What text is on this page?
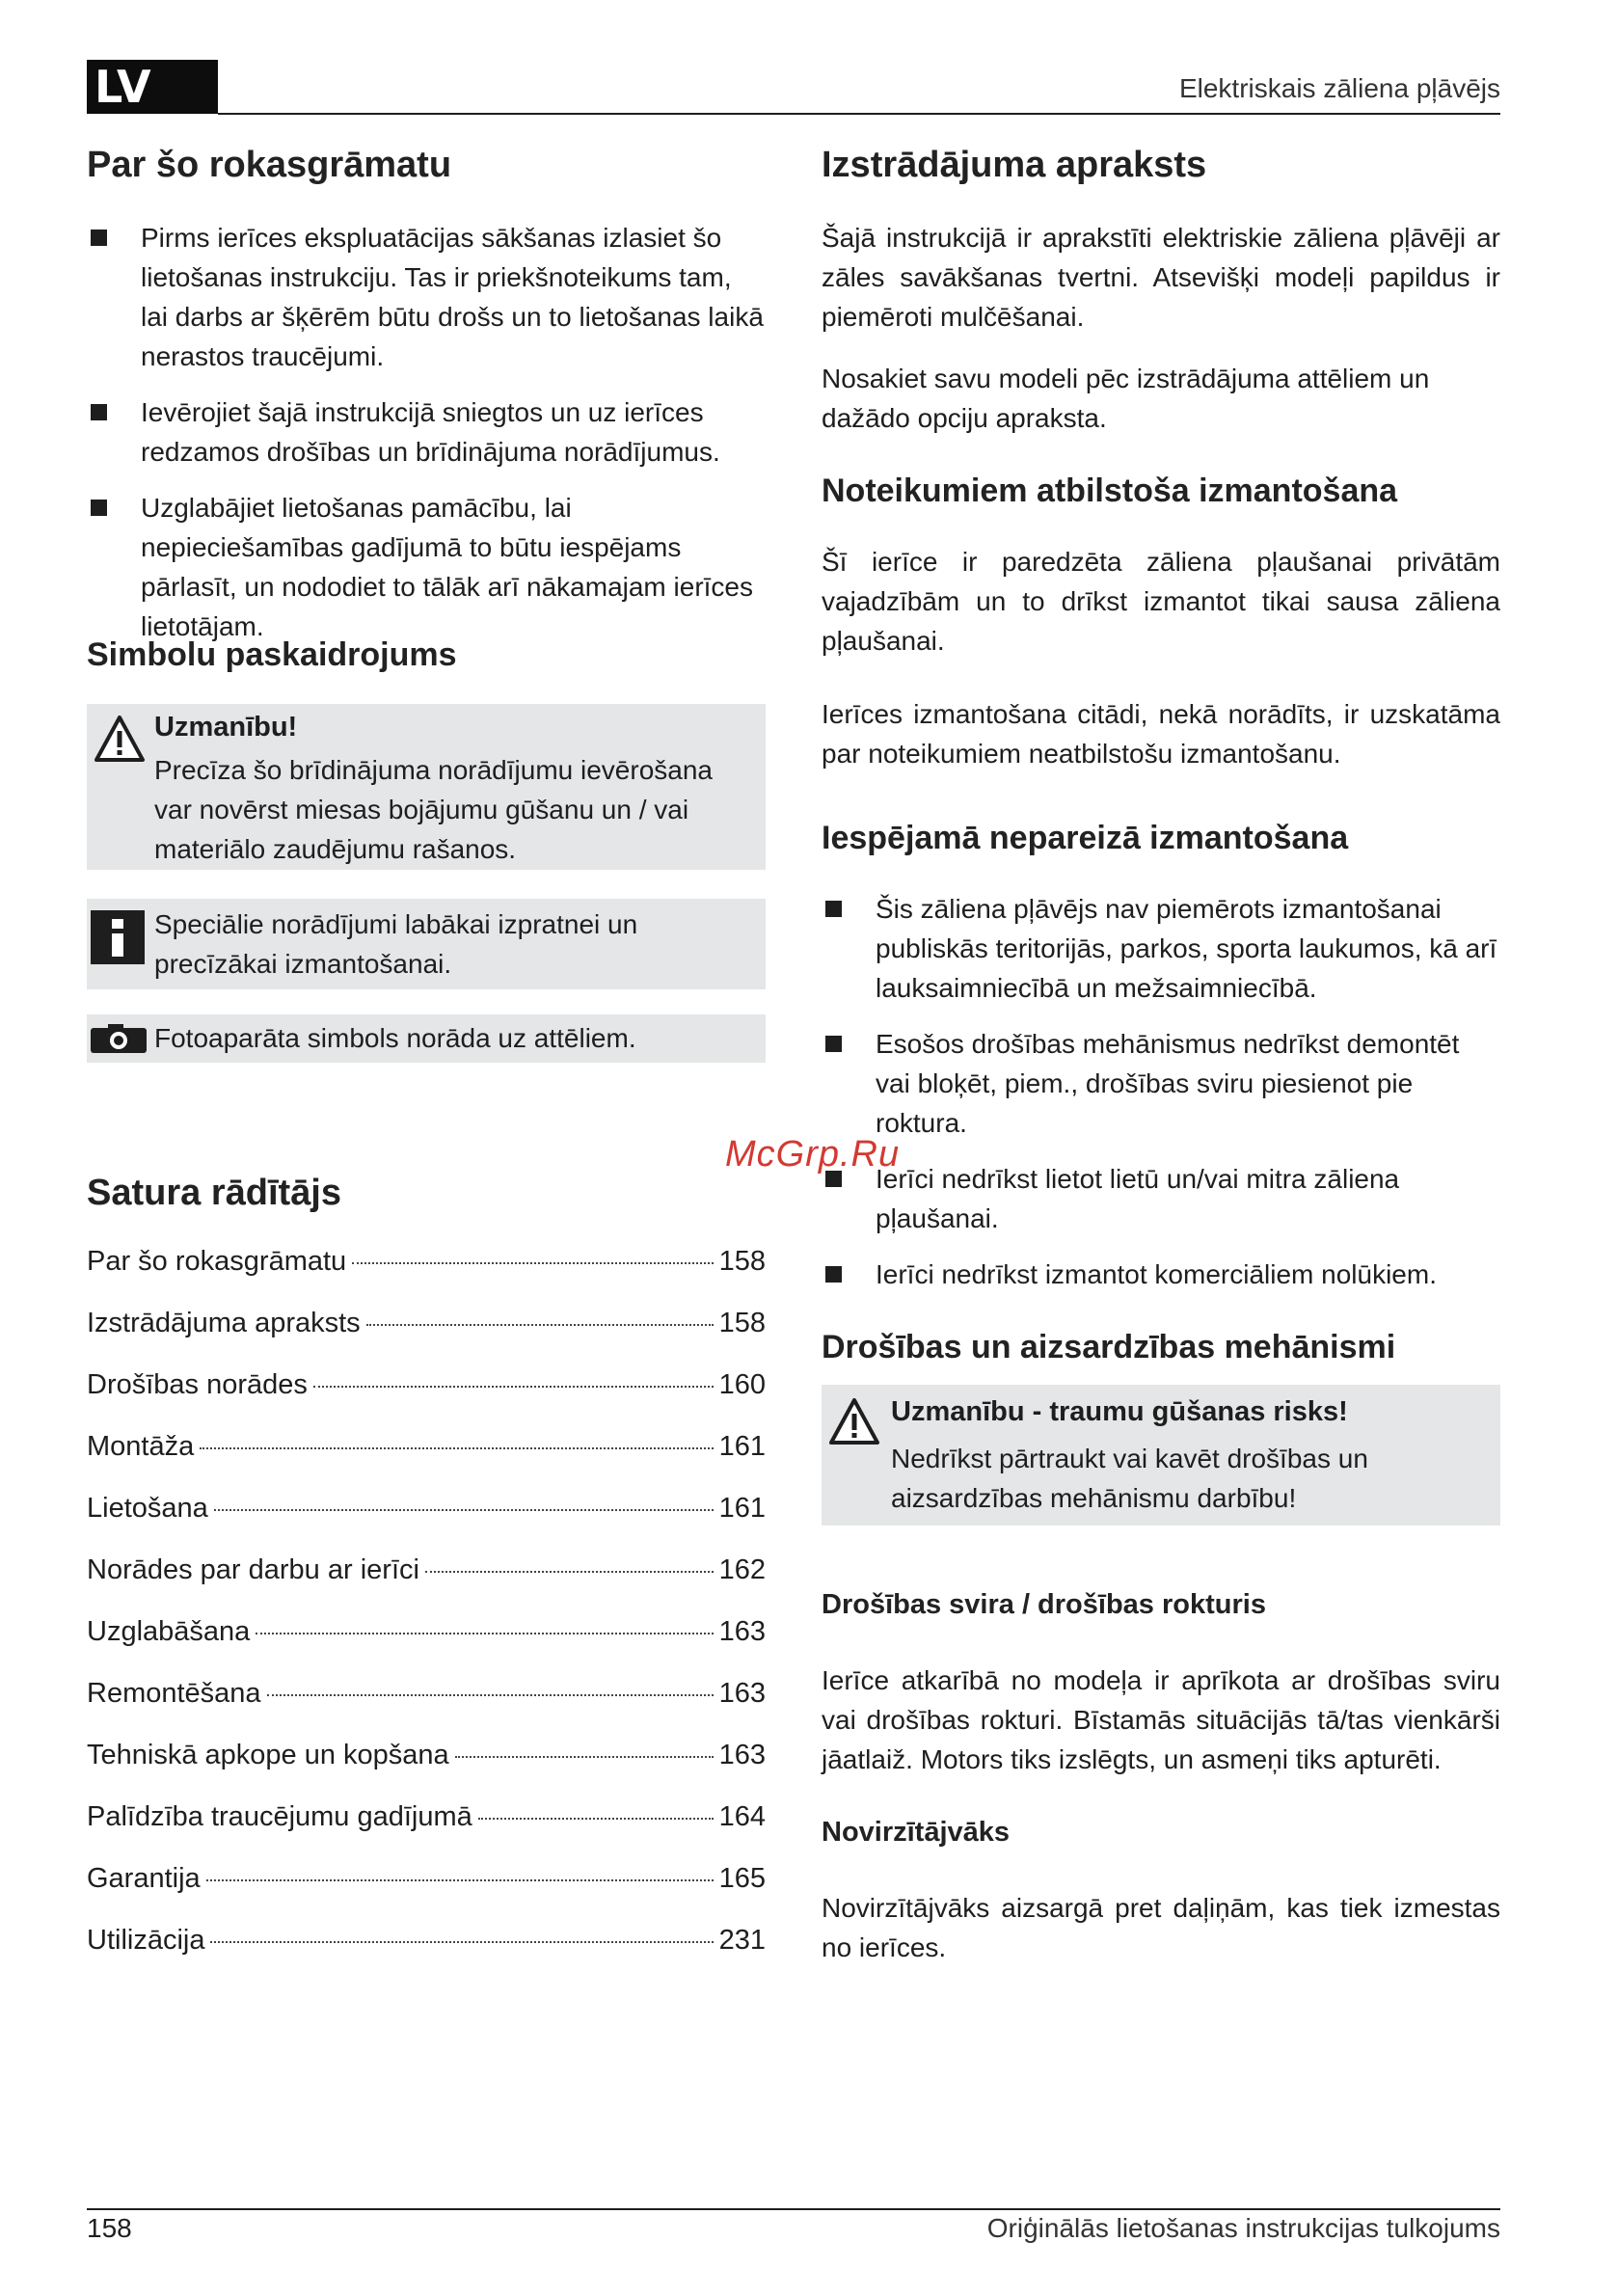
LV	Elektriskais zāliena pļāvējs
Par šo rokasgrāmatu
Pirms ierīces ekspluatācijas sākšanas izlasiet šo lietošanas instrukciju. Tas ir priekšnoteikums tam, lai darbs ar šķērēm būtu drošs un to lietošanas laikā nerastos traucējumi.
Ievērojiet šajā instrukcijā sniegtos un uz ierīces redzamos drošības un brīdinājuma norādījumus.
Uzglabājiet lietošanas pamācību, lai nepieciešamības gadījumā to būtu iespējams pārlasīt, un nododiet to tālāk arī nākamajam ierīces lietotājam.
Simbolu paskaidrojums
Uzmanību!
Precīza šo brīdinājuma norādījumu ievērošana var novērst miesas bojājumu gūšanu un / vai materiālo zaudējumu rašanos.
Speciālie norādījumi labākai izpratnei un precīzākai izmantošanai.
Fotoaparāta simbols norāda uz attēliem.
Satura rādītājs
Par šo rokasgrāmatu	158
Izstrādājuma apraksts	158
Drošības norādes	160
Montāža	161
Lietošana	161
Norādes par darbu ar ierīci	162
Uzglabāšana	163
Remontēšana	163
Tehniskā apkope un kopšana	163
Palīdzība traucējumu gadījumā	164
Garantija	165
Utilizācija	231
Izstrādājuma apraksts

Šajā instrukcijā ir aprakstīti elektriskie zāliena pļāvēji ar zāles savākšanas tvertni. Atsevišķi modeļi papildus ir piemēroti mulčēšanai.

Nosakiet savu modeli pēc izstrādājuma attēliem un dažādo opciju apraksta.

Noteikumiem atbilstoša izmantošana

Šī ierīce ir paredzēta zāliena pļaušanai privātām vajadzībām un to drīkst izmantot tikai sausa zāliena pļaušanai.

Ierīces izmantošana citādi, nekā norādīts, ir uzskatāma par noteikumiem neatbilstošu izmantošanu.

Iespējamā nepareizā izmantošana
Šis zāliena pļāvējs nav piemērots izmantošanai publiskās teritorijās, parkos, sporta laukumos, kā arī lauksaimniecībā un mežsaimniecībā.
Esošos drošības mehānismus nedrīkst demontēt vai bloķēt, piem., drošības sviru piesienot pie roktura.
Ierīci nedrīkst lietot lietū un/vai mitra zāliena pļaušanai.
Ierīci nedrīkst izmantot komerciāliem nolūkiem.
Drošības un aizsardzības mehānismi
Uzmanību - traumu gūšanas risks!
Nedrīkst pārtraukt vai kavēt drošības un aizsardzības mehānismu darbību!
Drošības svira / drošības rokturis

Ierīce atkarībā no modeļa ir aprīkota ar drošības sviru vai drošības rokturi. Bīstamās situācijās tā/tas vienkārši jāatlaiž. Motors tiks izslēgts, un asmeņi tiks apturēti.

Novirzītājvāks

Novirzītājvāks aizsargā pret daļiņām, kas tiek izmestas no ierīces.

McGrp.Ru
158	Oriģinālās lietošanas instrukcijas tulkojums
